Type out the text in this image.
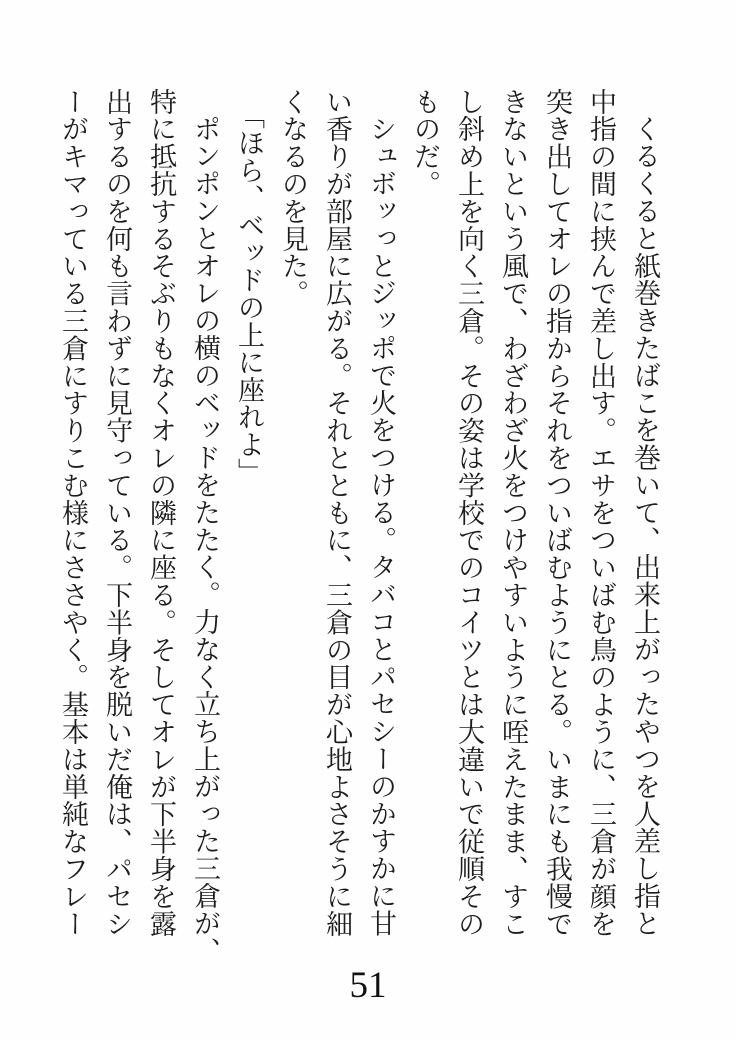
くるくると紙巻きたばこを巻いて、出来上がったやつを人差し指と
中指の間に挟んで差し出す。エサをついばむ鳥のように、三倉が顔を
突き出してオレの指からそれをついばむようにとる。いまにも我慢で
きないという風で、わざわざ火をつけやすいように咥えたまま、すこ
し斜め上を向く三倉。その姿は学校でのコイツとは大違いで従順その
ものだ。
シュボッっとジッポで火をつける。タバコとパセシーのかすかに甘
い香りが部屋に広がる。それとともに、三倉の目が心地よさそうに細
くなるのを見た。
「ほら、ベッドの上に座れよ」
ポンポンとオレの横のベッドをたたく。力なく立ち上がった三倉が、
特に抵抗するそぶりもなくオレの隣に座る。そしてオレが下半身を露
出するのを何も言わずに見守っている。下半身を脱いだ俺は、パセシ
ーがキマっている三倉にすりこむ様にささやく。基本は単純なフレー
51
